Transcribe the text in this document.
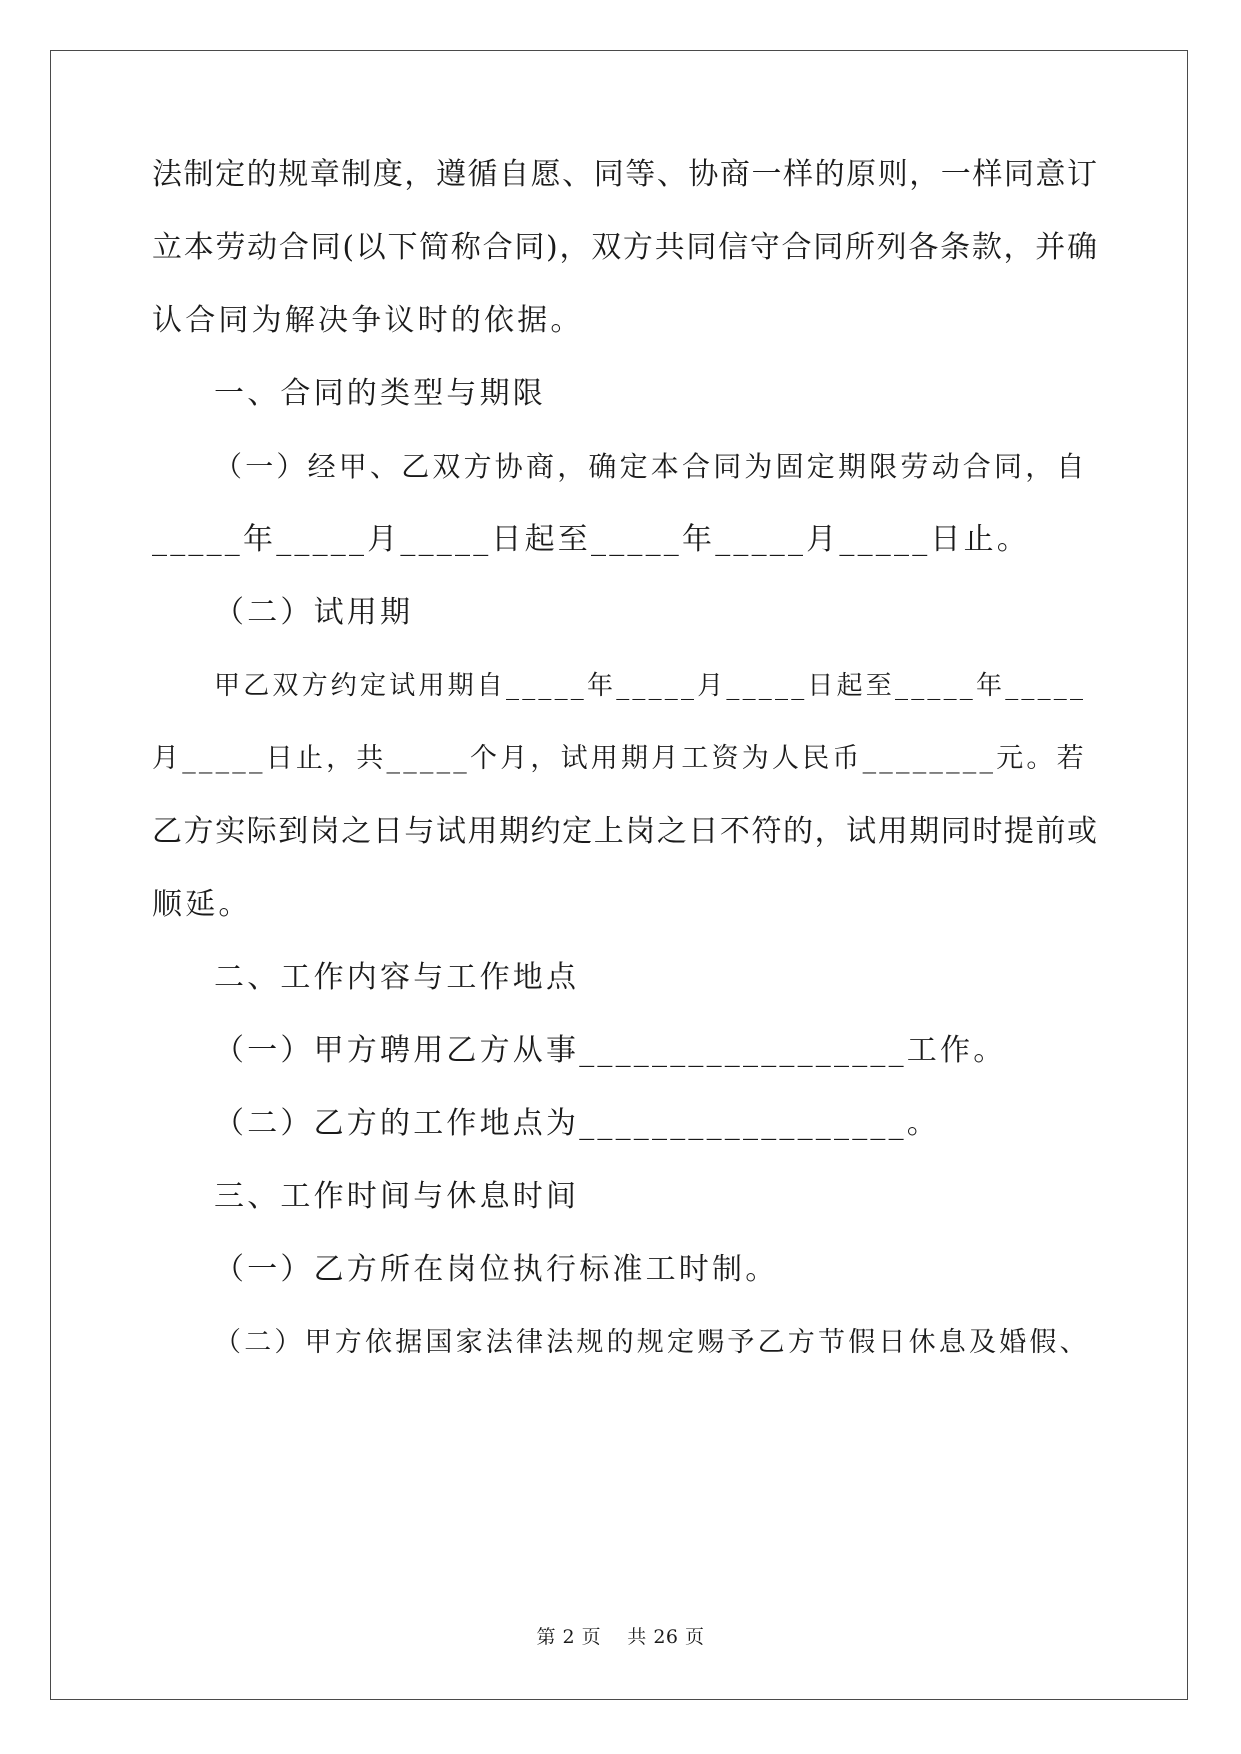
法制定的规章制度，遵循自愿、同等、协商一样的原则，一样同意订
立本劳动合同(以下简称合同)，双方共同信守合同所列各条款，并确
认合同为解决争议时的依据。
一、合同的类型与期限
（一）经甲、乙双方协商，确定本合同为固定期限劳动合同，自
_____年_____月_____日起至_____年_____月_____日止。
（二）试用期
甲乙双方约定试用期自_____年_____月_____日起至_____年_____
月_____日止，共_____个月，试用期月工资为人民币________元。若
乙方实际到岗之日与试用期约定上岗之日不符的，试用期同时提前或
顺延。
二、工作内容与工作地点
（一）甲方聘用乙方从事__________________工作。
（二）乙方的工作地点为__________________。
三、工作时间与休息时间
（一）乙方所在岗位执行标准工时制。
（二）甲方依据国家法律法规的规定赐予乙方节假日休息及婚假、
第 2 页    共 26 页
